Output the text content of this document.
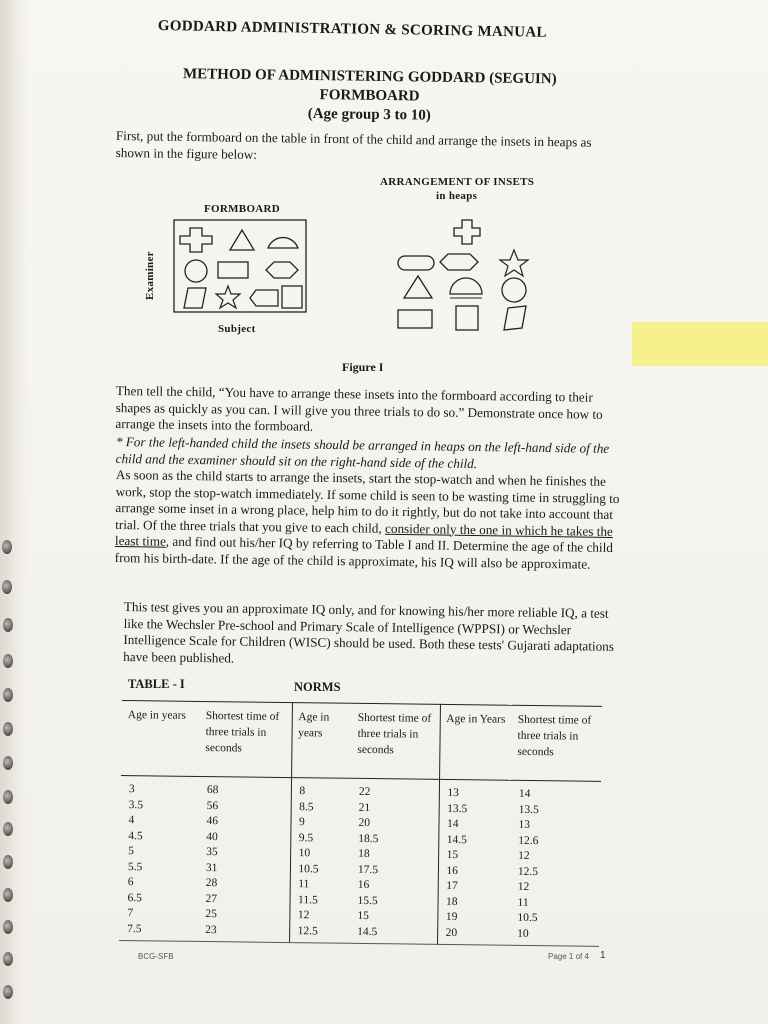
GODDARD ADMINISTRATION & SCORING MANUAL
METHOD OF ADMINISTERING GODDARD (SEGUIN)
FORMBOARD
(Age group 3 to 10)
First, put the formboard on the table in front of the child and arrange the insets in heaps as shown in the figure below:
FORMBOARD
Examiner
Subject
ARRANGEMENT OF INSETS
in heaps
Figure I
Then tell the child, “You have to arrange these insets into the formboard according to their shapes as quickly as you can. I will give you three trials to do so.” Demonstrate once how to arrange the insets into the formboard.
* For the left-handed child the insets should be arranged in heaps on the left-hand side of the child and the examiner should sit on the right-hand side of the child.
As soon as the child starts to arrange the insets, start the stop-watch and when he finishes the work, stop the stop-watch immediately. If some child is seen to be wasting time in struggling to arrange some inset in a wrong place, help him to do it rightly, but do not take into account that trial. Of the three trials that you give to each child, consider only the one in which he takes the least time, and find out his/her IQ by referring to Table I and II. Determine the age of the child from his birth-date. If the age of the child is approximate, his IQ will also be approximate.
This test gives you an approximate IQ only, and for knowing his/her more reliable IQ, a test like the Wechsler Pre-school and Primary Scale of Intelligence (WPPSI) or Wechsler Intelligence Scale for Children (WISC) should be used. Both these tests' Gujarati adaptations have been published.
TABLE - I	NORMS
Age in years	Shortest time of three trials in seconds	Age in years	Shortest time of three trials in seconds	Age in Years	Shortest time of three trials in seconds
3	68	8	22	13	14
3.5	56	8.5	21	13.5	13.5
4	46	9	20	14	13
4.5	40	9.5	18.5	14.5	12.6
5	35	10	18	15	12
5.5	31	10.5	17.5	16	12.5
6	28	11	16	17	12
6.5	27	11.5	15.5	18	11
7	25	12	15	19	10.5
7.5	23	12.5	14.5	20	10
BCG-SFB	Page 1 of 4 1
